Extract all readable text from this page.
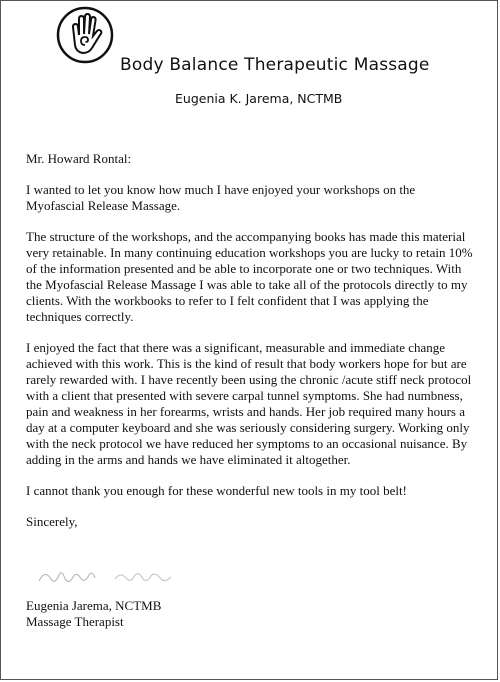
Body Balance Therapeutic Massage
Eugenia K. Jarema, NCTMB

Mr. Howard Rontal:

I wanted to let you know how much I have enjoyed your workshops on the Myofascial Release Massage.

The structure of the workshops, and the accompanying books has made this material very retainable. In many continuing education workshops you are lucky to retain 10% of the information presented and be able to incorporate one or two techniques. With the Myofascial Release Massage I was able to take all of the protocols directly to my clients. With the workbooks to refer to I felt confident that I was applying the techniques correctly.

I enjoyed the fact that there was a significant, measurable and immediate change achieved with this work. This is the kind of result that body workers hope for but are rarely rewarded with. I have recently been using the chronic /acute stiff neck protocol with a client that presented with severe carpal tunnel symptoms. She had numbness, pain and weakness in her forearms, wrists and hands. Her job required many hours a day at a computer keyboard and she was seriously considering surgery. Working only with the neck protocol we have reduced her symptoms to an occasional nuisance. By adding in the arms and hands we have eliminated it altogether.

I cannot thank you enough for these wonderful new tools in my tool belt!

Sincerely,

Eugenia Jarema, NCTMB
Massage Therapist
